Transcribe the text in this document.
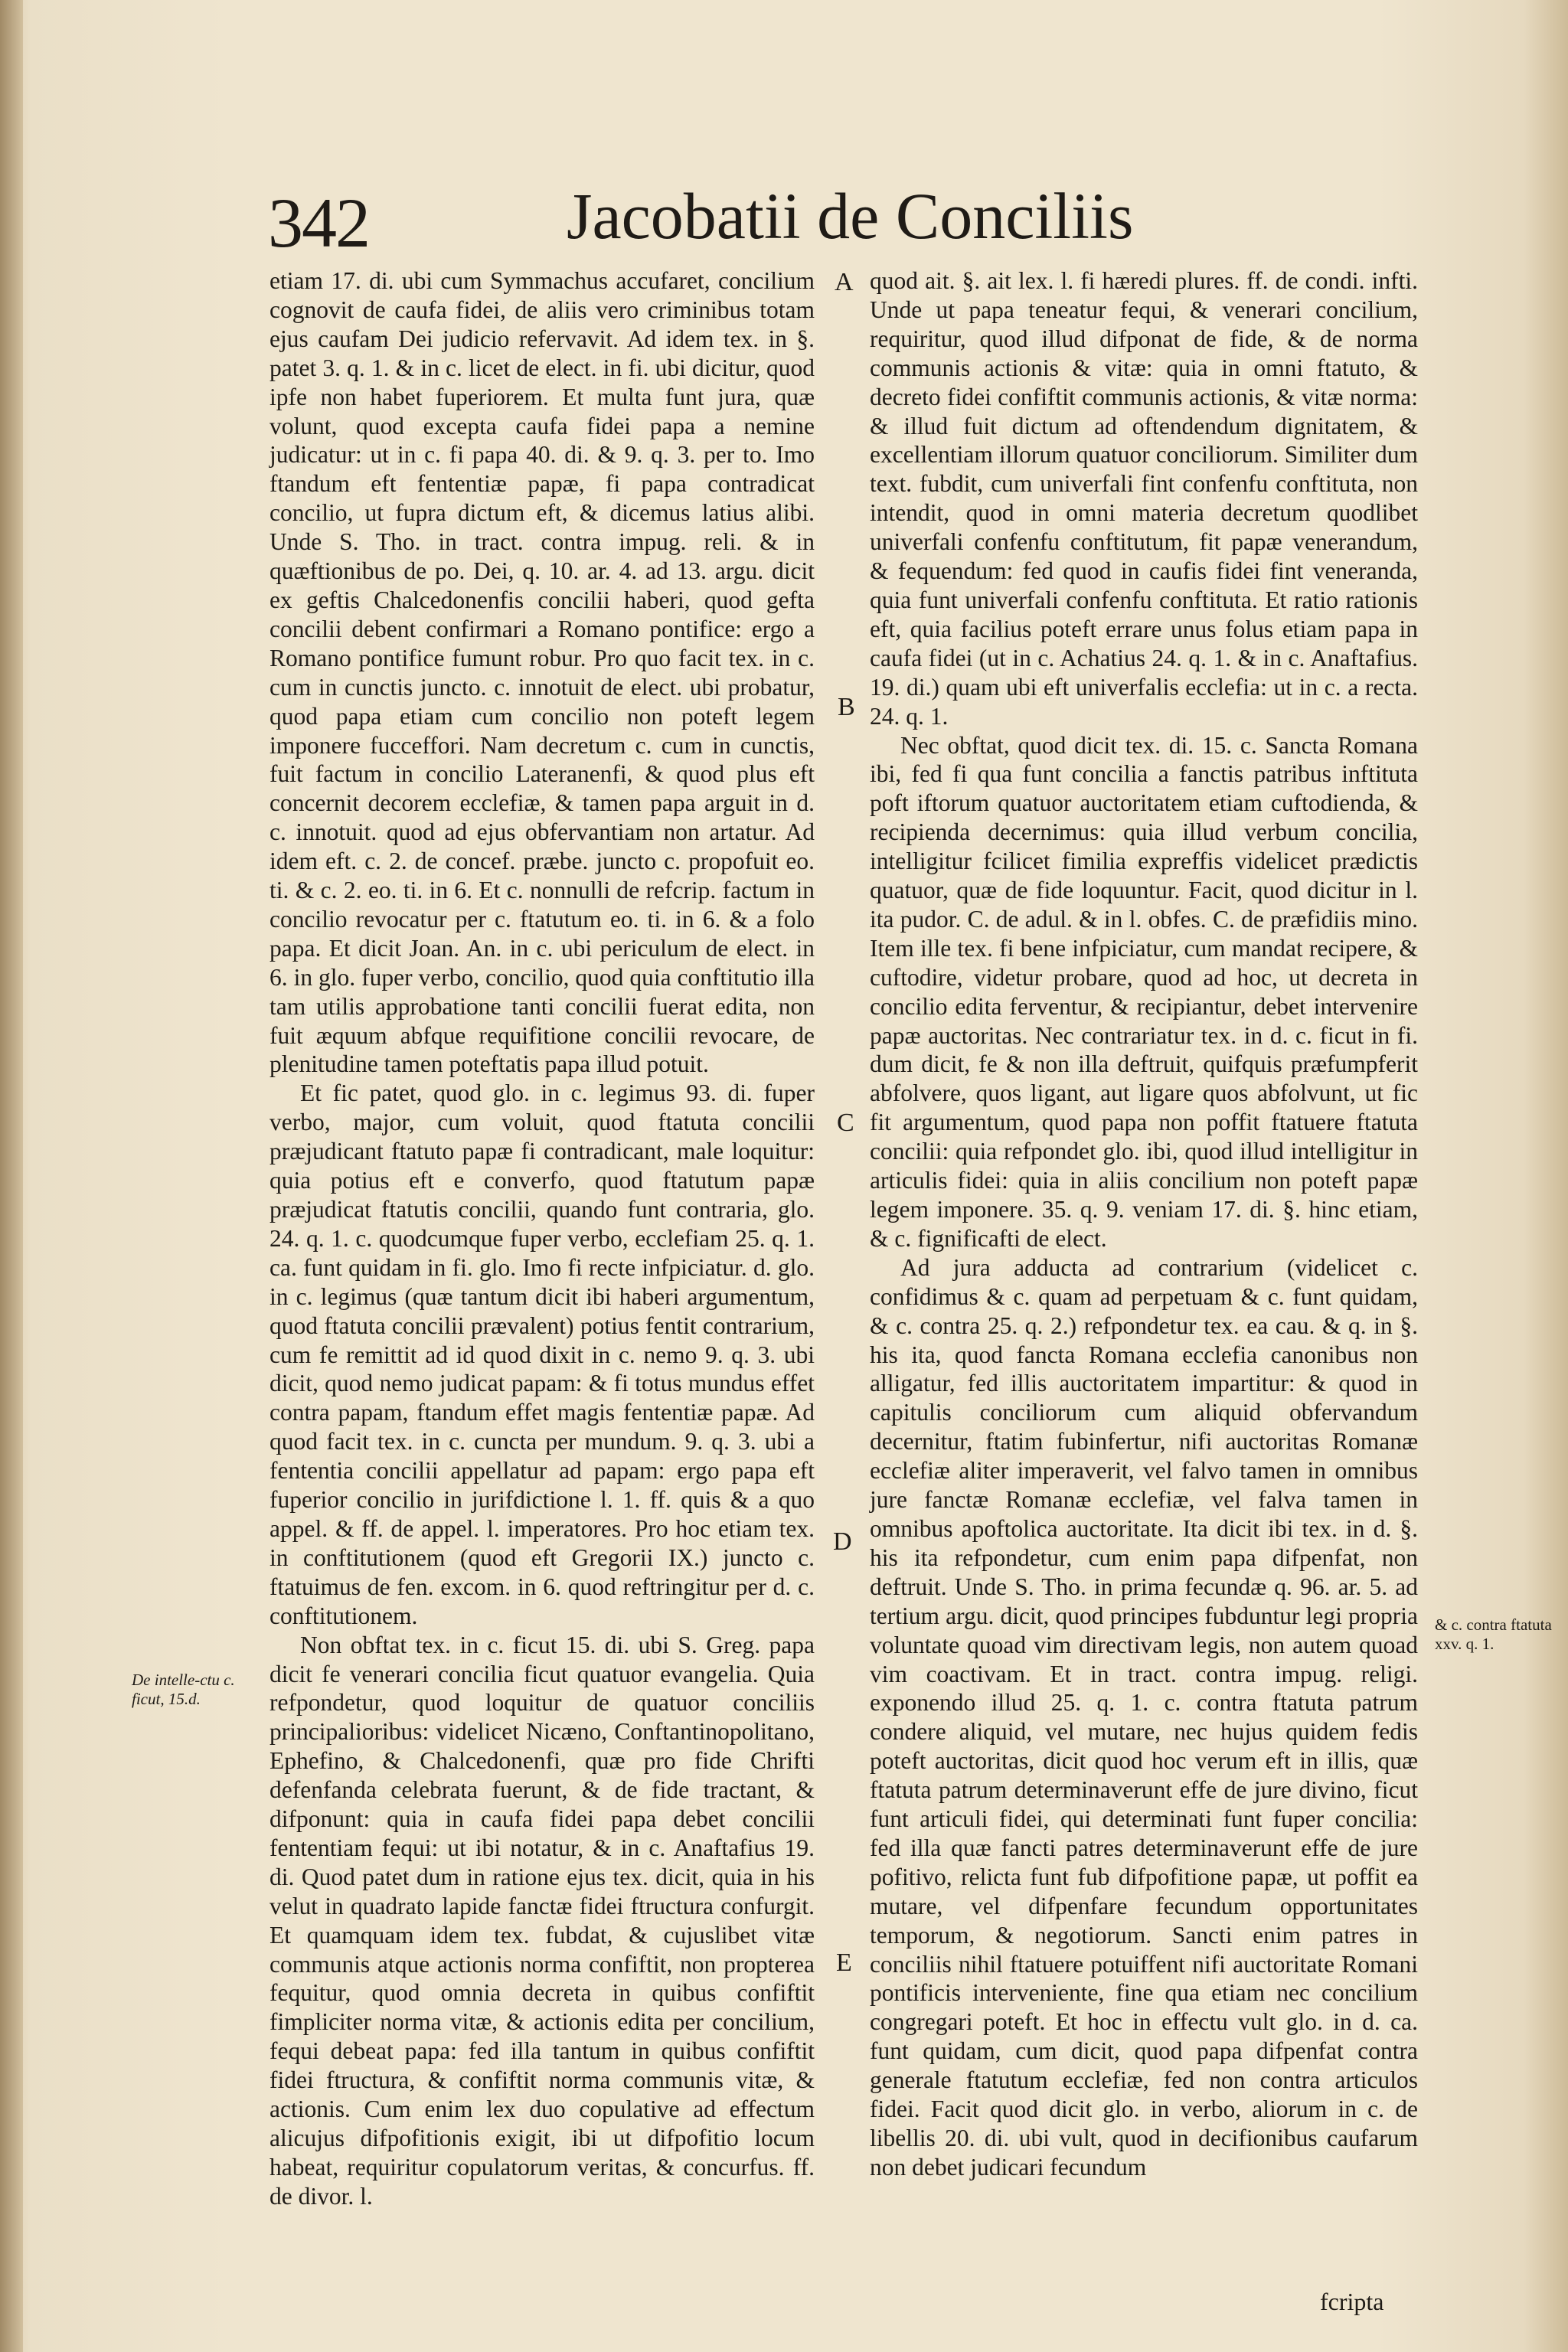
342	Jacobatii de Conciliis

etiam 17. di. ubi cum Symmachus accufaret, concilium cognovit de caufa fidei, de aliis vero criminibus totam ejus caufam Dei judicio refervavit. Ad idem tex. in §. patet 3. q. 1. & in c. licet de elect. in fi. ubi dicitur, quod ipfe non habet fuperiorem. Et multa funt jura, quæ volunt, quod excepta caufa fidei papa a nemine judicatur: ut in c. fi papa 40. di. & 9. q. 3. per to. Imo ftandum eft fententiæ papæ, fi papa contradicat concilio, ut fupra dictum eft, & dicemus latius alibi. Unde S. Tho. in tract. contra impug. reli. & in quæftionibus de po. Dei, q. 10. ar. 4. ad 13. argu. dicit ex geftis Chalcedonenfis concilii haberi, quod gefta concilii debent confirmari a Romano pontifice: ergo a Romano pontifice fumunt robur. Pro quo facit tex. in c. cum in cunctis juncto. c. innotuit de elect. ubi probatur, quod papa etiam cum concilio non poteft legem imponere fucceffori. Nam decretum c. cum in cunctis, fuit factum in concilio Lateranenfi, & quod plus eft concernit decorem ecclefiæ, & tamen papa arguit in d. c. innotuit. quod ad ejus obfervantiam non artatur. Ad idem eft. c. 2. de concef. præbe. juncto c. propofuit eo. ti. & c. 2. eo. ti. in 6. Et c. nonnulli de refcrip. factum in concilio revocatur per c. ftatutum eo. ti. in 6. & a folo papa. Et dicit Joan. An. in c. ubi periculum de elect. in 6. in glo. fuper verbo, concilio, quod quia conftitutio illa tam utilis approbatione tanti concilii fuerat edita, non fuit æquum abfque requifitione concilii revocare, de plenitudine tamen poteftatis papa illud potuit.

Et fic patet, quod glo. in c. legimus 93. di. fuper verbo, major, cum voluit, quod ftatuta concilii præjudicant ftatuto papæ fi contradicant, male loquitur: quia potius eft e converfo, quod ftatutum papæ præjudicat ftatutis concilii, quando funt contraria, glo. 24. q. 1. c. quodcumque fuper verbo, ecclefiam 25. q. 1. ca. funt quidam in fi. glo. Imo fi recte infpiciatur. d. glo. in c. legimus (quæ tantum dicit ibi haberi argumentum, quod ftatuta concilii prævalent) potius fentit contrarium, cum fe remittit ad id quod dixit in c. nemo 9. q. 3. ubi dicit, quod nemo judicat papam: & fi totus mundus effet contra papam, ftandum effet magis fententiæ papæ. Ad quod facit tex. in c. cuncta per mundum. 9. q. 3. ubi a fententia concilii appellatur ad papam: ergo papa eft fuperior concilio in jurifdictione l. 1. ff. quis & a quo appel. & ff. de appel. l. imperatores. Pro hoc etiam tex. in conftitutionem (quod eft Gregorii IX.) juncto c. ftatuimus de fen. excom. in 6. quod reftringitur per d. c. conftitutionem.

Non obftat tex. in c. ficut 15. di. ubi S. Greg. papa dicit fe venerari concilia ficut quatuor evangelia. Quia refpondetur, quod loquitur de quatuor conciliis principalioribus: videlicet Nicæno, Conftantinopolitano, Ephefino, & Chalcedonenfi, quæ pro fide Chrifti defenfanda celebrata fuerunt, & de fide tractant, & difponunt: quia in caufa fidei papa debet concilii fententiam fequi: ut ibi notatur, & in c. Anaftafius 19. di. Quod patet dum in ratione ejus tex. dicit, quia in his velut in quadrato lapide fanctæ fidei ftructura confurgit. Et quamquam idem tex. fubdat, & cujuslibet vitæ communis atque actionis norma confiftit, non propterea fequitur, quod omnia decreta in quibus confiftit fimpliciter norma vitæ, & actionis edita per concilium, fequi debeat papa: fed illa tantum in quibus confiftit fidei ftructura, & confiftit norma communis vitæ, & actionis. Cum enim lex duo copulative ad effectum alicujus difpofitionis exigit, ibi ut difpofitio locum habeat, requiritur copulatorum veritas, & concurfus. ff. de divor. l.

A
B
C
D
E

quod ait. §. ait lex. l. fi hæredi plures. ff. de condi. infti. Unde ut papa teneatur fequi, & venerari concilium, requiritur, quod illud difponat de fide, & de norma communis actionis & vitæ: quia in omni ftatuto, & decreto fidei confiftit communis actionis, & vitæ norma: & illud fuit dictum ad oftendendum dignitatem, & excellentiam illorum quatuor conciliorum. Similiter dum text. fubdit, cum univerfali fint confenfu conftituta, non intendit, quod in omni materia decretum quodlibet univerfali confenfu conftitutum, fit papæ venerandum, & fequendum: fed quod in caufis fidei fint veneranda, quia funt univerfali confenfu conftituta. Et ratio rationis eft, quia facilius poteft errare unus folus etiam papa in caufa fidei (ut in c. Achatius 24. q. 1. & in c. Anaftafius. 19. di.) quam ubi eft univerfalis ecclefia: ut in c. a recta. 24. q. 1.

Nec obftat, quod dicit tex. di. 15. c. Sancta Romana ibi, fed fi qua funt concilia a fanctis patribus inftituta poft iftorum quatuor auctoritatem etiam cuftodienda, & recipienda decernimus: quia illud verbum concilia, intelligitur fcilicet fimilia expreffis videlicet prædictis quatuor, quæ de fide loquuntur. Facit, quod dicitur in l. ita pudor. C. de adul. & in l. obfes. C. de præfidiis mino. Item ille tex. fi bene infpiciatur, cum mandat recipere, & cuftodire, videtur probare, quod ad hoc, ut decreta in concilio edita ferventur, & recipiantur, debet intervenire papæ auctoritas. Nec contrariatur tex. in d. c. ficut in fi. dum dicit, fe & non illa deftruit, quifquis præfumpferit abfolvere, quos ligant, aut ligare quos abfolvunt, ut fic fit argumentum, quod papa non poffit ftatuere ftatuta concilii: quia refpondet glo. ibi, quod illud intelligitur in articulis fidei: quia in aliis concilium non poteft papæ legem imponere. 35. q. 9. veniam 17. di. §. hinc etiam, & c. fignificafti de elect.

Ad jura adducta ad contrarium (videlicet c. confidimus & c. quam ad perpetuam & c. funt quidam, & c. contra 25. q. 2.) refpondetur tex. ea cau. & q. in §. his ita, quod fancta Romana ecclefia canonibus non alligatur, fed illis auctoritatem impartitur: & quod in capitulis conciliorum cum aliquid obfervandum decernitur, ftatim fubinfertur, nifi auctoritas Romanæ ecclefiæ aliter imperaverit, vel falvo tamen in omnibus jure fanctæ Romanæ ecclefiæ, vel falva tamen in omnibus apoftolica auctoritate. Ita dicit ibi tex. in d. §. his ita refpondetur, cum enim papa difpenfat, non deftruit. Unde S. Tho. in prima fecundæ q. 96. ar. 5. ad tertium argu. dicit, quod principes fubduntur legi propria voluntate quoad vim directivam legis, non autem quoad vim coactivam. Et in tract. contra impug. religi. exponendo illud 25. q. 1. c. contra ftatuta patrum condere aliquid, vel mutare, nec hujus quidem fedis poteft auctoritas, dicit quod hoc verum eft in illis, quæ ftatuta patrum determinaverunt effe de jure divino, ficut funt articuli fidei, qui determinati funt fuper concilia: fed illa quæ fancti patres determinaverunt effe de jure pofitivo, relicta funt fub difpofitione papæ, ut poffit ea mutare, vel difpenfare fecundum opportunitates temporum, & negotiorum. Sancti enim patres in conciliis nihil ftatuere potuiffent nifi auctoritate Romani pontificis interveniente, fine qua etiam nec concilium congregari poteft. Et hoc in effectu vult glo. in d. ca. funt quidam, cum dicit, quod papa difpenfat contra generale ftatutum ecclefiæ, fed non contra articulos fidei. Facit quod dicit glo. in verbo, aliorum in c. de libellis 20. di. ubi vult, quod in decifionibus caufarum non debet judicari fecundum

De intelle-ctu c. ficut, 15.d.
& c. contra ftatuta xxv. q. 1.
fcripta
